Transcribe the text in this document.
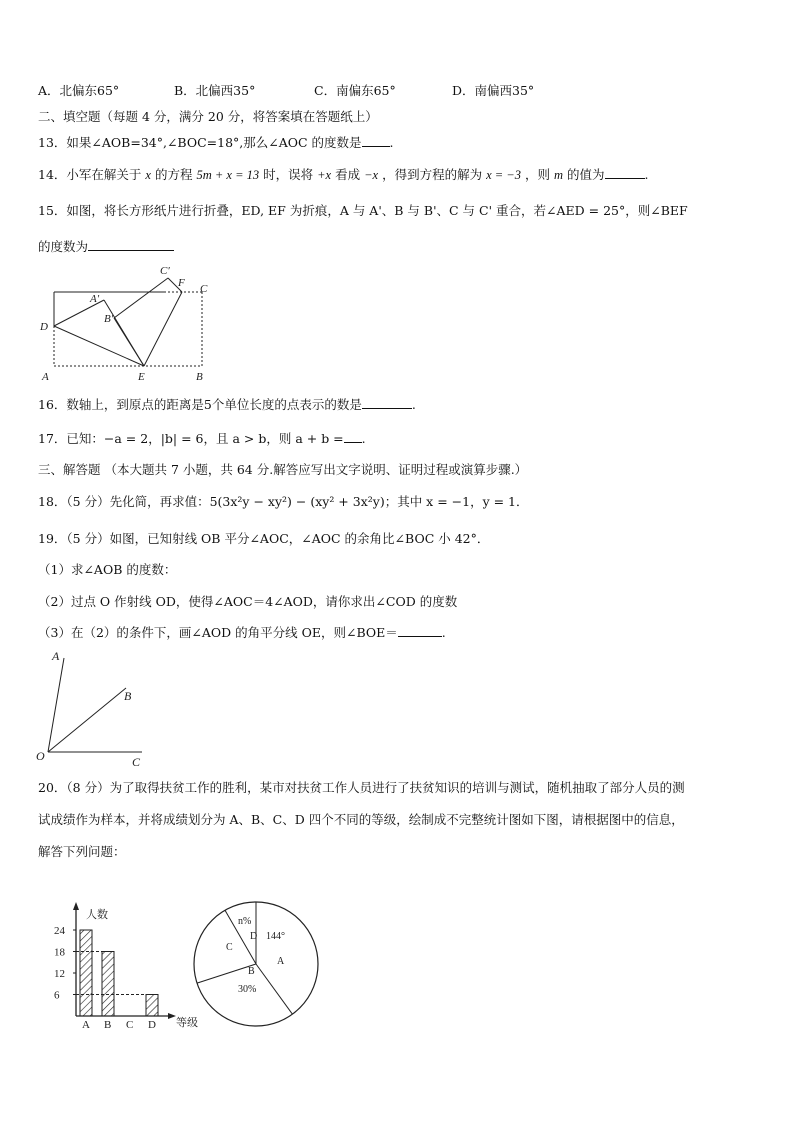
A．北偏东65°	B．北偏西35°	C．南偏东65°	D．南偏西35°
二、填空题（每题 4 分，满分 20 分，将答案填在答题纸上）
13．如果∠AOB=34°,∠BOC=18°,那么∠AOC 的度数是 .
14．小军在解关于 x 的方程 5m + x = 13 时，误将 +x 看成 −x ，得到方程的解为 x = −3 ，则 m 的值为	.
15．如图，将长方形纸片进行折叠，ED, EF 为折痕，A 与 A'、B 与 B'、C 与 C' 重合，若∠AED = 25°，则∠BEF
的度数为
D
A	E	B
C
F
C′
A′
B′
16．数轴上，到原点的距离是5个单位长度的点表示的数是	.
17．已知：−a = 2，|b| = 6，且 a > b，则 a + b = .
三、解答题 （本大题共 7 小题，共 64 分.解答应写出文字说明、证明过程或演算步骤.）
18．（5 分）先化简，再求值：5(3x²y − xy²) − (xy² + 3x²y)；其中 x = −1，y = 1．
19．（5 分）如图，已知射线 OB 平分∠AOC，∠AOC 的余角比∠BOC 小 42°．
（1）求∠AOB 的度数：
（2）过点 O 作射线 OD，使得∠AOC＝4∠AOD，请你求出∠COD 的度数
（3）在（2）的条件下，画∠AOD 的角平分线 OE，则∠BOE＝	.
O
A
B
C
20．（8 分）为了取得扶贫工作的胜利，某市对扶贫工作人员进行了扶贫知识的培训与测试，随机抽取了部分人员的测
试成绩作为样本，并将成绩划分为 A、B、C、D 四个不同的等级，绘制成不完整统计图如下图，请根据图中的信息，
解答下列问题：
人数
等级
6
12
18
24
A B C D
n%
D 144°
C
A
B
30%
